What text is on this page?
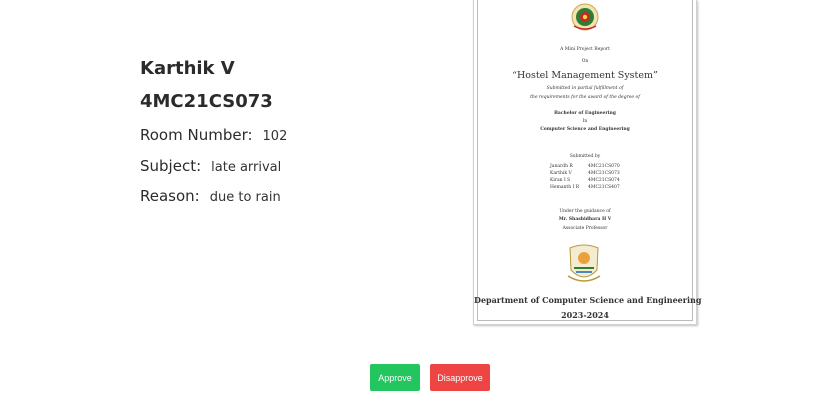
Karthik V

4MC21CS073

Room Number: 102
Subject: late arrival
Reason: due to rain
A Mini Project Report
On
“Hostel Management System”
Submitted in partial fulfillment of
the requirements for the award of the degree of
Bachelor of Engineering
In
Computer Science and Engineering
Submitted by
Janardh R	4MC21CS070
Karthik V	4MC21CS073
Kiran I S	4MC21CS074
Hemanth I R 4MC21CS407
Under the guidance of
Mr. Shashidhara H V
Associate Professor
Department of Computer Science and Engineering
2023-2024
Approve	Disapprove
